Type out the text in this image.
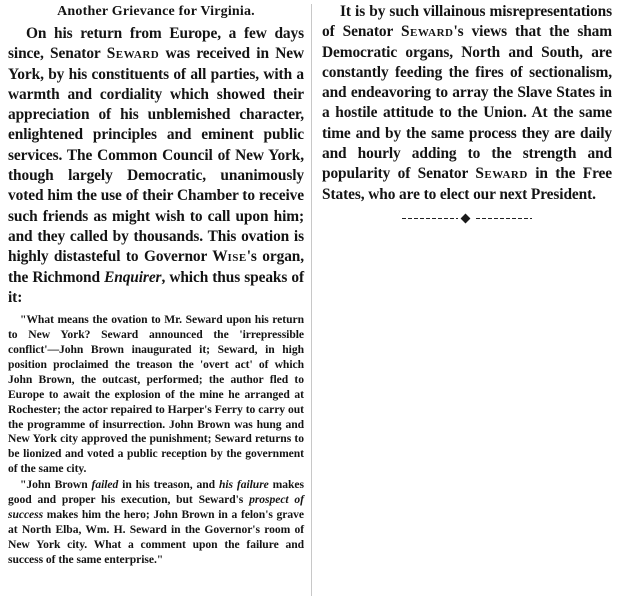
Another Grievance for Virginia.

On his return from Europe, a few days since, Senator Seward was received in New York, by his constituents of all parties, with a warmth and cordiality which showed their appreciation of his unblemished character, enlightened principles and eminent public services. The Common Council of New York, though largely Democratic, unanimously voted him the use of their Chamber to receive such friends as might wish to call upon him; and they called by thousands. This ovation is highly distasteful to Governor Wise's organ, the Richmond Enquirer, which thus speaks of it:

"What means the ovation to Mr. Seward upon his return to New York? Seward announced the 'irrepressible conflict'—John Brown inaugurated it; Seward, in high position proclaimed the treason the 'overt act' of which John Brown, the outcast, performed; the author fled to Europe to await the explosion of the mine he arranged at Rochester; the actor repaired to Harper's Ferry to carry out the programme of insurrection. John Brown was hung and New York city approved the punishment; Seward returns to be lionized and voted a public reception by the government of the same city.

"John Brown failed in his treason, and his failure makes good and proper his execution, but Seward's prospect of success makes him the hero; John Brown in a felon's grave at North Elba, Wm. H. Seward in the Governor's room of New York city. What a comment upon the failure and success of the same enterprise."

It is by such villainous misrepresentations of Senator Seward's views that the sham Democratic organs, North and South, are constantly feeding the fires of sectionalism, and endeavoring to array the Slave States in a hostile attitude to the Union. At the same time and by the same process they are daily and hourly adding to the strength and popularity of Senator Seward in the Free States, who are to elect our next President.
